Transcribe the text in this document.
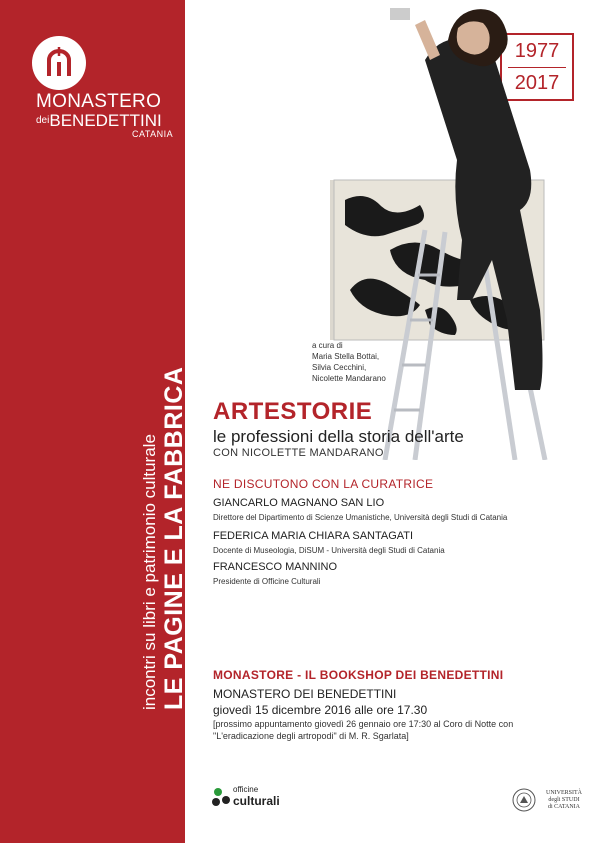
MONASTERO
deiBENEDETTINI
CATANIA
incontri su libri e patrimonio culturale LE PAGINE E LA FABBRICA
1977
2017
a cura di
Maria Stella Bottai,
Silvia Cecchini,
Nicolette Mandarano
ARTESTORIE
le professioni della storia dell'arte
CON NICOLETTE MANDARANO
NE DISCUTONO CON LA CURATRICE
GIANCARLO MAGNANO SAN LIO
Direttore del Dipartimento di Scienze Umanistiche, Università degli Studi di Catania
FEDERICA MARIA CHIARA SANTAGATI
Docente di Museologia, DiSUM - Università degli Studi di Catania
FRANCESCO MANNINO
Presidente di Officine Culturali
MONASTORE - IL BOOKSHOP DEI BENEDETTINI
MONASTERO DEI BENEDETTINI
giovedì 15 dicembre 2016 alle ore 17.30
[prossimo appuntamento giovedì 26 gennaio ore 17:30 al Coro di Notte con
"L'eradicazione degli artropodi" di M. R. Sgarlata]
officine
culturali
UNIVERSITÀ
degli STUDI
di CATANIA
